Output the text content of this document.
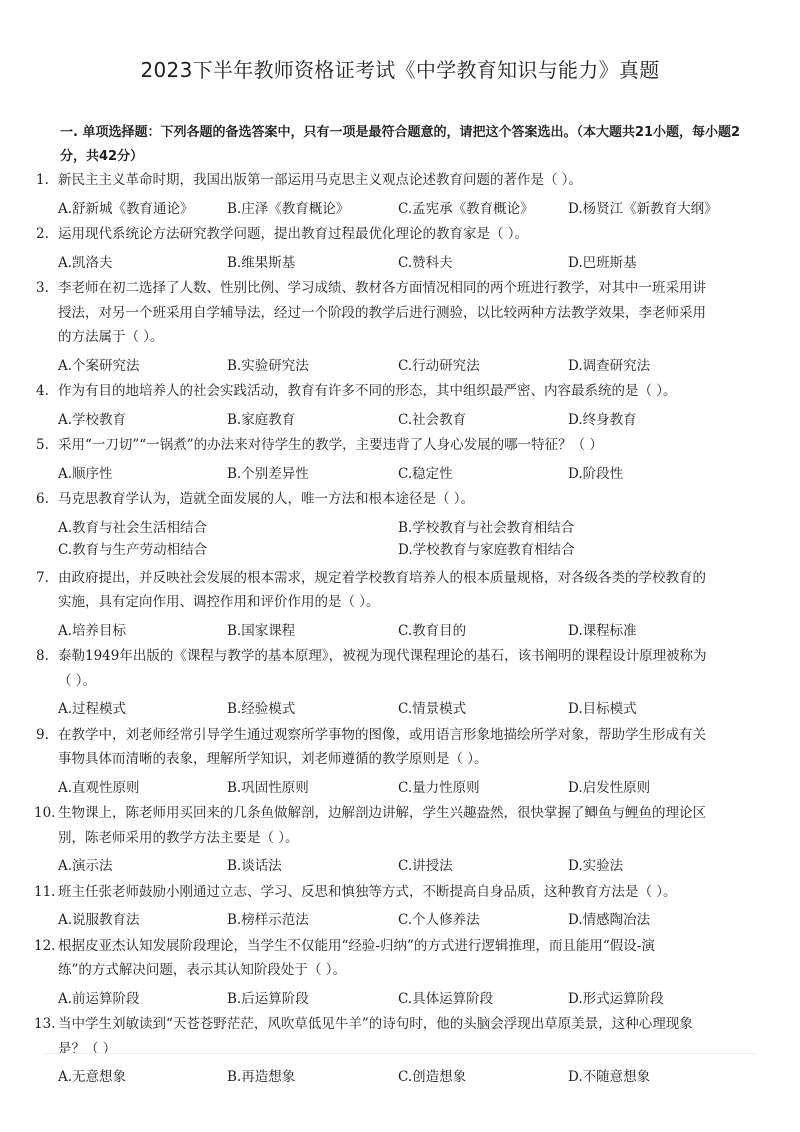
2023下半年教师资格证考试《中学教育知识与能力》真题
一. 单项选择题：下列各题的备选答案中，只有一项是最符合题意的，请把这个答案选出。（本大题共21小题，每小题2分，共42分）
1. 新民主主义革命时期，我国出版第一部运用马克思主义观点论述教育问题的著作是（ ）。
A.舒新城《教育通论》 B.庄泽《教育概论》	C.孟宪承《教育概论》	D.杨贤江《新教育大纲》
2. 运用现代系统论方法研究教学问题，提出教育过程最优化理论的教育家是（ ）。
A.凯洛夫	B.维果斯基	C.赞科夫	D.巴班斯基
3. 李老师在初二选择了人数、性别比例、学习成绩、教材各方面情况相同的两个班进行教学，对其中一班采用讲
授法，对另一个班采用自学辅导法，经过一个阶段的教学后进行测验，以比较两种方法教学效果，李老师采用
的方法属于（ ）。
A.个案研究法	B.实验研究法	C.行动研究法	D.调查研究法
4. 作为有目的地培养人的社会实践活动，教育有许多不同的形态，其中组织最严密、内容最系统的是（ ）。
A.学校教育	B.家庭教育	C.社会教育	D.终身教育
5. 采用“一刀切”“一锅煮”的办法来对待学生的教学，主要违背了人身心发展的哪一特征？（ ）
A.顺序性	B.个别差异性	C.稳定性	D.阶段性
6. 马克思教育学认为，造就全面发展的人，唯一方法和根本途径是（ ）。
A.教育与社会生活相结合	B.学校教育与社会教育相结合
C.教育与生产劳动相结合	D.学校教育与家庭教育相结合
7. 由政府提出，并反映社会发展的根本需求，规定着学校教育培养人的根本质量规格，对各级各类的学校教育的
实施，具有定向作用、调控作用和评价作用的是（ ）。
A.培养目标	B.国家课程	C.教育目的	D.课程标准
8. 泰勒1949年出版的《课程与教学的基本原理》，被视为现代课程理论的基石，该书阐明的课程设计原理被称为
（ ）。
A.过程模式	B.经验模式	C.情景模式	D.目标模式
9. 在教学中，刘老师经常引导学生通过观察所学事物的图像，或用语言形象地描绘所学对象，帮助学生形成有关
事物具体而清晰的表象，理解所学知识，刘老师遵循的教学原则是（ ）。
A.直观性原则	B.巩固性原则	C.量力性原则	D.启发性原则
10. 生物课上，陈老师用买回来的几条鱼做解剖，边解剖边讲解，学生兴趣盎然，很快掌握了鲫鱼与鲤鱼的理论区
别，陈老师采用的教学方法主要是（ ）。
A.演示法	B.谈话法	C.讲授法	D.实验法
11. 班主任张老师鼓励小刚通过立志、学习、反思和慎独等方式，不断提高自身品质，这种教育方法是（ ）。
A.说服教育法	B.榜样示范法	C.个人修养法	D.情感陶冶法
12. 根据皮亚杰认知发展阶段理论，当学生不仅能用“经验-归纳”的方式进行逻辑推理，而且能用“假设-演
练”的方式解决问题，表示其认知阶段处于（ ）。
A.前运算阶段	B.后运算阶段	C.具体运算阶段	D.形式运算阶段
13. 当中学生刘敏读到“天苍苍野茫茫，风吹草低见牛羊”的诗句时，他的头脑会浮现出草原美景，这种心理现象
是？（ ）
A.无意想象	B.再造想象	C.创造想象	D.不随意想象
